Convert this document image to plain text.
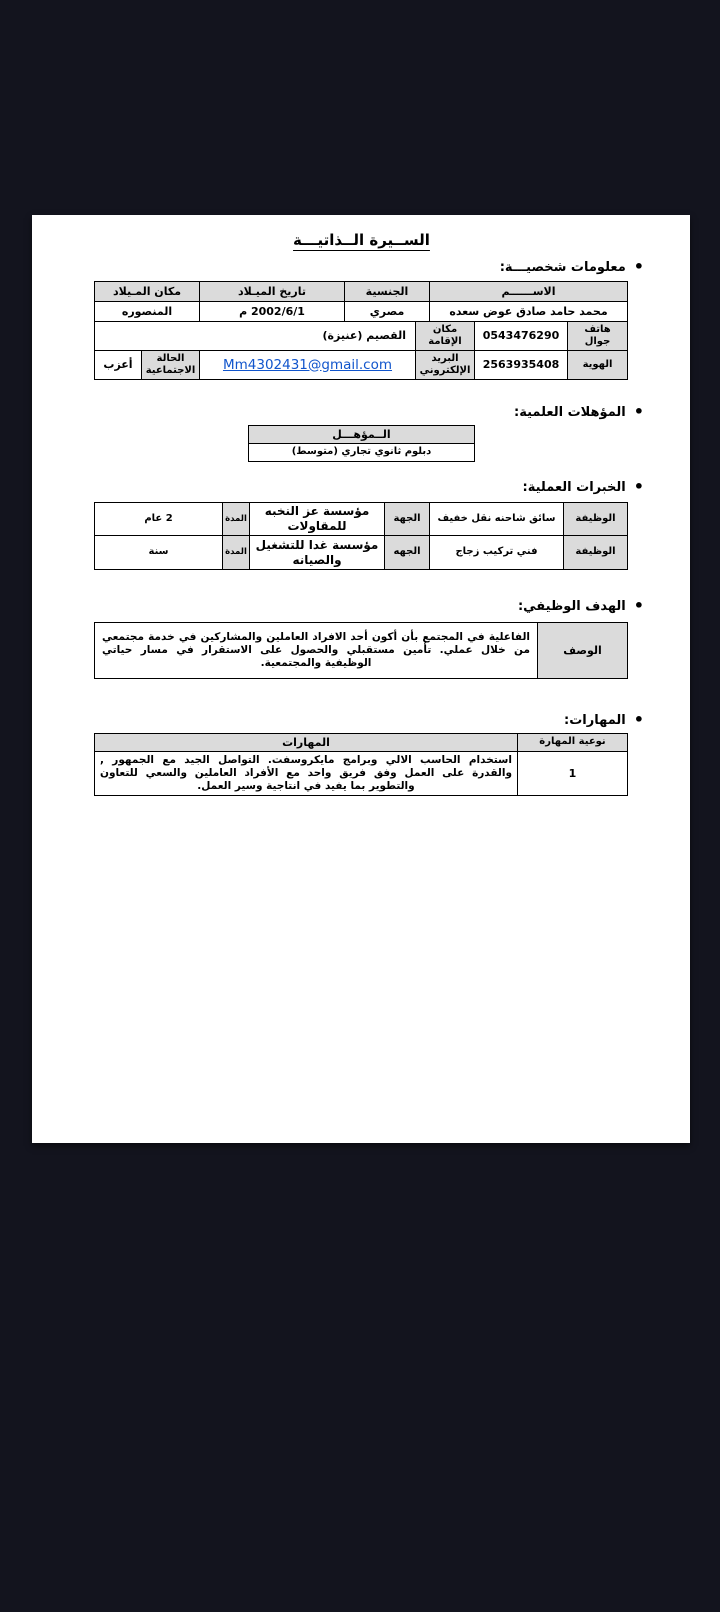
الســيرة الــذاتيـــة
•
معلومات شخصيـــة:
الاســــــم	الجنسية	تاريخ الميـلاد	مكان المـيلاد
محمد حامد صادق عوض سعده	مصري	2002/6/1 م	المنصوره
هاتف جوال	0543476290	مكان الإقامة	القصيم (عنيزة)		
الهوية	2563935408	البريد الإلكتروني	Mm4302431@gmail.com	الحالة الاجتماعية	أعزب
•
المؤهلات العلمية:
الــمؤهـــل
دبلوم ثانوي تجاري (متوسط)
•
الخبرات العملية:
الوظيفة	سائق شاحنه نقل خفيف	الجهة	مؤسسة عز النخبه للمقاولات	المدة	2 عام
الوظيفة	فني تركيب زجاج	الجهه	مؤسسة غدا للتشغيل والصيانه	المدة	سنة
•
الهدف الوظيفي:
الوصف	الفاعلية في المجتمع بأن أكون أحد الافراد العاملين والمشاركين في خدمة مجتمعي من خلال عملي. تأمين مستقبلي والحصول على الاستقرار في مسار حياتي الوظيفية والمجتمعية.
•
المهارات:
نوعية المهارة	المهارات
1	استخدام الحاسب الالي وبرامج مايكروسفت. التواصل الجيد مع الجمهور , والقدرة على العمل وفق فريق واحد مع الأفراد العاملين والسعي للتعاون والتطوير بما يفيد في انتاجية وسير العمل.
